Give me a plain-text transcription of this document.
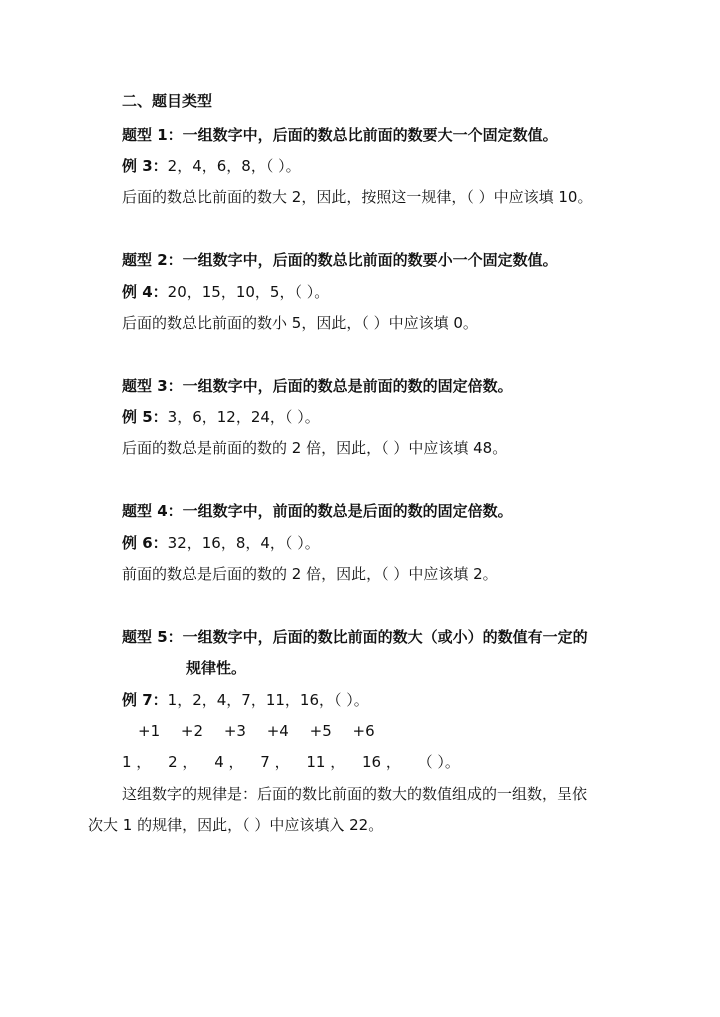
二、题目类型
题型 1：一组数字中，后面的数总比前面的数要大一个固定数值。
例 3：2，4，6，8，（ ）。
后面的数总比前面的数大 2，因此，按照这一规律，（ ）中应该填 10。
题型 2：一组数字中，后面的数总比前面的数要小一个固定数值。
例 4：20，15，10，5，（ ）。
后面的数总比前面的数小 5，因此，（ ）中应该填 0。
题型 3：一组数字中，后面的数总是前面的数的固定倍数。
例 5：3，6，12，24，（ ）。
后面的数总是前面的数的 2 倍，因此，（ ）中应该填 48。
题型 4：一组数字中，前面的数总是后面的数的固定倍数。
例 6：32，16，8，4，（ ）。
前面的数总是后面的数的 2 倍，因此，（ ）中应该填 2。
题型 5：一组数字中，后面的数比前面的数大（或小）的数值有一定的
规律性。
例 7：1，2，4，7，11，16，（ ）。
+1 +2 +3 +4 +5 +6
1 ， 2 ， 4 ， 7 ， 11 ， 16 ， （ ）。
这组数字的规律是：后面的数比前面的数大的数值组成的一组数，呈依
次大 1 的规律，因此，（ ）中应该填入 22。
